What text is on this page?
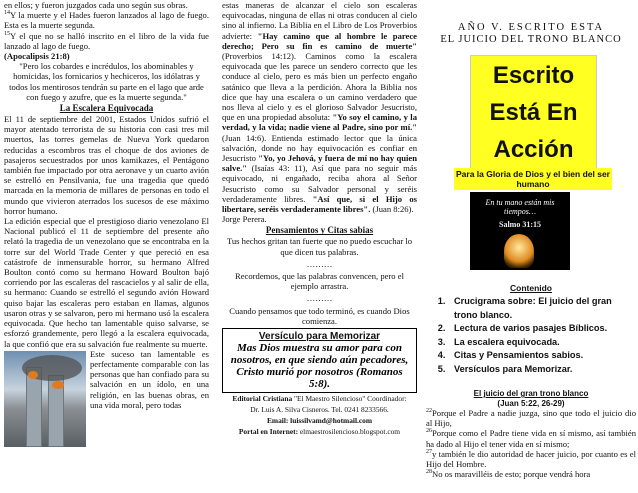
en ellos; y fueron juzgados cada uno según sus obras.

$^{14}$Y la muerte y el Hades fueron lanzados al lago de fuego. Esta es la muerte segunda.

$^{15}$Y el que no se halló inscrito en el libro de la vida fue lanzado al lago de fuego.

(Apocalipsis 21:8)

"Pero los cobardes e incrédulos, los abominables y homicidas, los fornicarios y hechiceros, los idólatras y todos los mentirosos tendrán su parte en el lago que arde con fuego y azufre, que es la muerte segunda."

La Escalera Equivocada

El 11 de septiembre del 2001, Estados Unidos sufrió el mayor atentado terrorista de su historia con casi tres mil muertos, las torres gemelas de Nueva York quedaron reducidas a escombros tras el choque de dos aviones de pasajeros secuestrados por unos kamikazes, el Pentágono también fue impactado por otra aeronave y un cuarto avión se estrelló en Pensilvania, fue una tragedia que quedó marcada en la memoria de millares de personas en todo el mundo que vivieron aterrados los sucesos de ese máximo horror humano.

La edición especial que el prestigioso diario venezolano El Nacional publicó el 11 de septiembre del presente año relató la tragedia de un venezolano que se encontraba en la torre sur del World Trade Center y que pereció en esa catástrofe de inmensurable horror, su hermano Alfred Boulton contó como su hermano Howard Boulton bajó corriendo por las escaleras del rascacielos y al salir de ella, su hermano: Cuando se estrelló el segundo avión Howard quiso bajar las escaleras pero estaban en llamas, algunos usaron otras y se salvaron, pero mi hermano usó la escalera equivocada. Que hecho tan lamentable quiso salvarse, se esforzó grandemente, pero llegó a la escalera equivocada, la que confió que era su salvación fue realmente su muerte.

Este suceso tan lamentable es perfectamente comparable con las personas que han confiado para su salvación en un ídolo, en una religión, en las buenas obras, en una vida moral, pero todas

estas maneras de alcanzar el cielo son escaleras equivocadas, ninguna de ellas ni otras conducen al cielo sino al infierno. La Biblia en el Libro de Los Proverbios advierte: "Hay camino que al hombre le parece derecho; Pero su fin es camino de muerte" (Proverbios 14:12). Caminos como la escalera equivocada que les parece un sendero correcto que les conduce al cielo, pero es más bien un perfecto engaño satánico que lleva a la perdición. Ahora la Biblia nos dice que hay una escalera o un camino verdadero que nos lleva al cielo y es el glorioso Salvador Jesucristo, que en una propiedad absoluta: "Yo soy el camino, y la verdad, y la vida; nadie viene al Padre, sino por mí." (Juan 14:6). Entienda estimado lector que la única salvación, donde no hay equivocación es confiar en Jesucristo "Yo, yo Jehová, y fuera de mí no hay quien salve." (Isaías 43: 11), Así que para no seguir más equivocado, ni engañado, reciba ahora al Señor Jesucristo como su Salvador personal y seréis verdaderamente libres. "Así que, si el Hijo os libertare, seréis verdaderamente libres". (Juan 8:26).

Jorge Perera.

Pensamientos y Citas sabias

Tus hechos gritan tan fuerte que no puedo escuchar lo que dicen tus palabras.

………

Recordemos, que las palabras convencen, pero el ejemplo arrastra.

………

Cuando pensamos que todo terminó, es cuando Dios comienza.

Versículo para Memorizar
Mas Dios muestra su amor para con nosotros, en que siendo aún pecadores, Cristo murió por nosotros (Romanos 5:8).
Editorial Cristiana "El Maestro Silencioso" Coordinador:
Dr. Luis A. Silva Cisneros. Tel. 0241 8233566.
Email: luissilvamd@hotmail.com
Portal en Internet: elmaestrosilencioso.blogspot.com
AÑO V. ESCRITO ESTA
EL JUICIO DEL TRONO BLANCO
Escrito
Está En
Acción
Para la Gloria de Dios y el bien del ser humano
En tu mano están mis tiempos…
Salmo 31:15
Contenido
1. Crucigrama sobre: El juicio del gran trono blanco.
2. Lectura de varios pasajes Bíblicos.
3. La escalera equivocada.
4. Citas y Pensamientos sabios.
5. Versículos para Memorizar.
El juicio del gran trono blanco
(Juan 5:22, 26-29)

$^{22}$Porque el Padre a nadie juzga, sino que todo el juicio dio al Hijo,

$^{26}$Porque como el Padre tiene vida en sí mismo, así también ha dado al Hijo el tener vida en sí mismo;

$^{27}$y también le dio autoridad de hacer juicio, por cuanto es el Hijo del Hombre.

$^{28}$No os maravilléis de esto; porque vendrá hora
